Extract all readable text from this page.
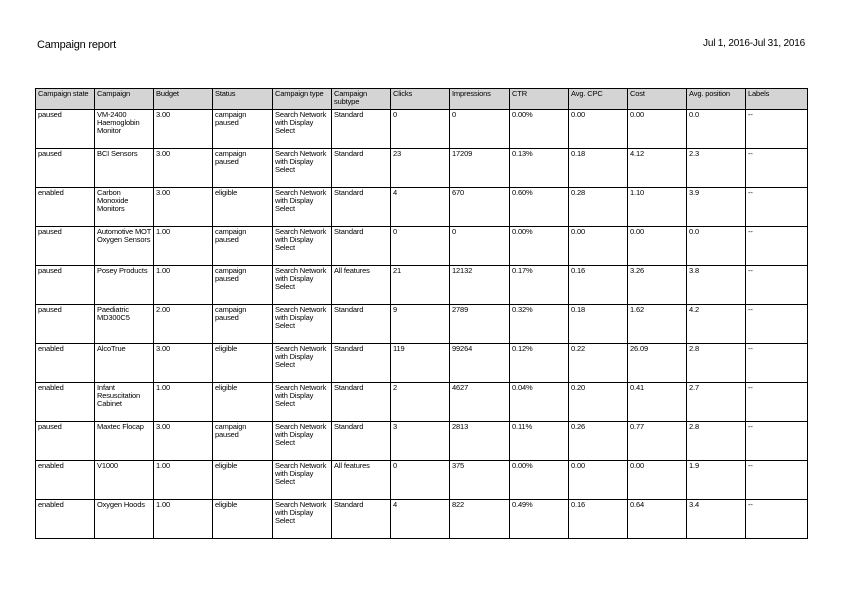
Campaign report	Jul 1, 2016-Jul 31, 2016
Campaign state	Campaign	Budget	Status	Campaign type	Campaign subtype	Clicks	Impressions	CTR	Avg. CPC	Cost	Avg. position	Labels
paused	VM-2400 Haemoglobin Monitor	3.00	campaign paused	Search Network with Display Select	Standard	0	0	0.00%	0.00	0.00	0.0	--
paused	BCI Sensors	3.00	campaign paused	Search Network with Display Select	Standard	23	17209	0.13%	0.18	4.12	2.3	--
enabled	Carbon Monoxide Monitors	3.00	eligible	Search Network with Display Select	Standard	4	670	0.60%	0.28	1.10	3.9	--
paused	Automotive MOT Oxygen Sensors	1.00	campaign paused	Search Network with Display Select	Standard	0	0	0.00%	0.00	0.00	0.0	--
paused	Posey Products	1.00	campaign paused	Search Network with Display Select	All features	21	12132	0.17%	0.16	3.26	3.8	--
paused	Paediatric MD300C5	2.00	campaign paused	Search Network with Display Select	Standard	9	2789	0.32%	0.18	1.62	4.2	--
enabled	AlcoTrue	3.00	eligible	Search Network with Display Select	Standard	119	99264	0.12%	0.22	26.09	2.8	--
enabled	Infant Resuscitation Cabinet	1.00	eligible	Search Network with Display Select	Standard	2	4627	0.04%	0.20	0.41	2.7	--
paused	Maxtec Flocap	3.00	campaign paused	Search Network with Display Select	Standard	3	2813	0.11%	0.26	0.77	2.8	--
enabled	V1000	1.00	eligible	Search Network with Display Select	All features	0	375	0.00%	0.00	0.00	1.9	--
enabled	Oxygen Hoods	1.00	eligible	Search Network with Display Select	Standard	4	822	0.49%	0.16	0.64	3.4	--
